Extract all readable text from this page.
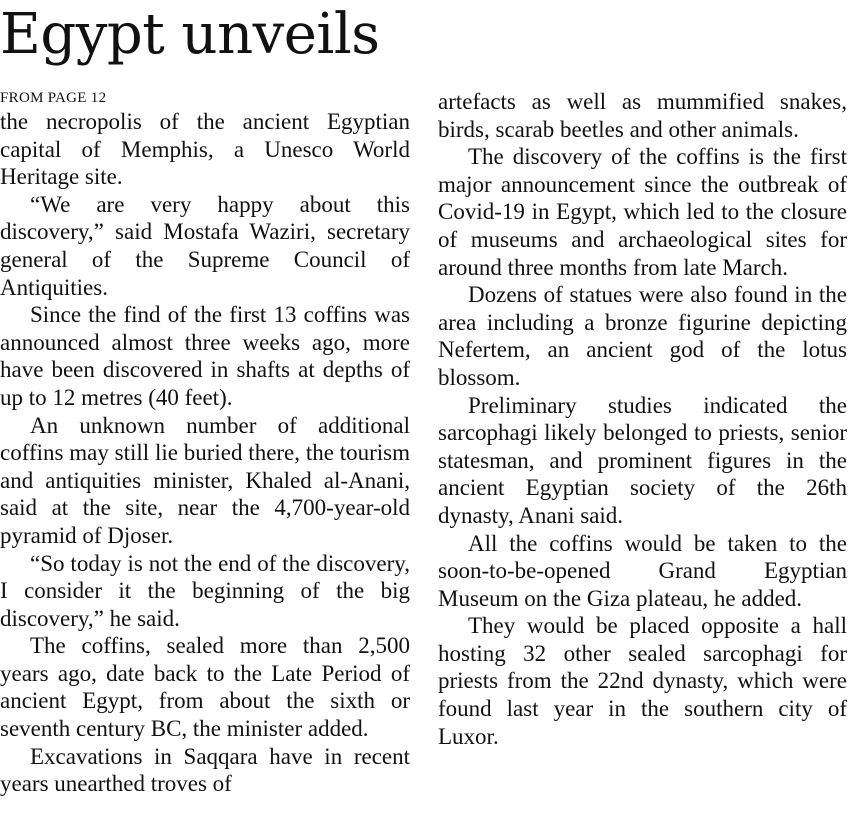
Egypt unveils
FROM PAGE 12

the necropolis of the ancient Egyptian capital of Memphis, a Unesco World Heritage site.

“We are very happy about this discovery,” said Mostafa Waziri, secretary general of the Supreme Council of Antiquities.

Since the find of the first 13 coffins was announced almost three weeks ago, more have been discovered in shafts at depths of up to 12 metres (40 feet).

An unknown number of additional coffins may still lie buried there, the tourism and antiquities minister, Khaled al-Anani, said at the site, near the 4,700-year-old pyramid of Djoser.

“So today is not the end of the discovery, I consider it the beginning of the big discovery,” he said.

The coffins, sealed more than 2,500 years ago, date back to the Late Period of ancient Egypt, from about the sixth or seventh century BC, the minister added.

Excavations in Saqqara have in recent years unearthed troves of

artefacts as well as mummified snakes, birds, scarab beetles and other animals.

The discovery of the coffins is the first major announcement since the outbreak of Covid-19 in Egypt, which led to the closure of museums and archaeological sites for around three months from late March.

Dozens of statues were also found in the area including a bronze figurine depicting Nefertem, an ancient god of the lotus blossom.

Preliminary studies indicated the sarcophagi likely belonged to priests, senior statesman, and prominent figures in the ancient Egyptian society of the 26th dynasty, Anani said.

All the coffins would be taken to the soon-to-be-opened Grand Egyptian Museum on the Giza plateau, he added.

They would be placed opposite a hall hosting 32 other sealed sarcophagi for priests from the 22nd dynasty, which were found last year in the southern city of Luxor.
